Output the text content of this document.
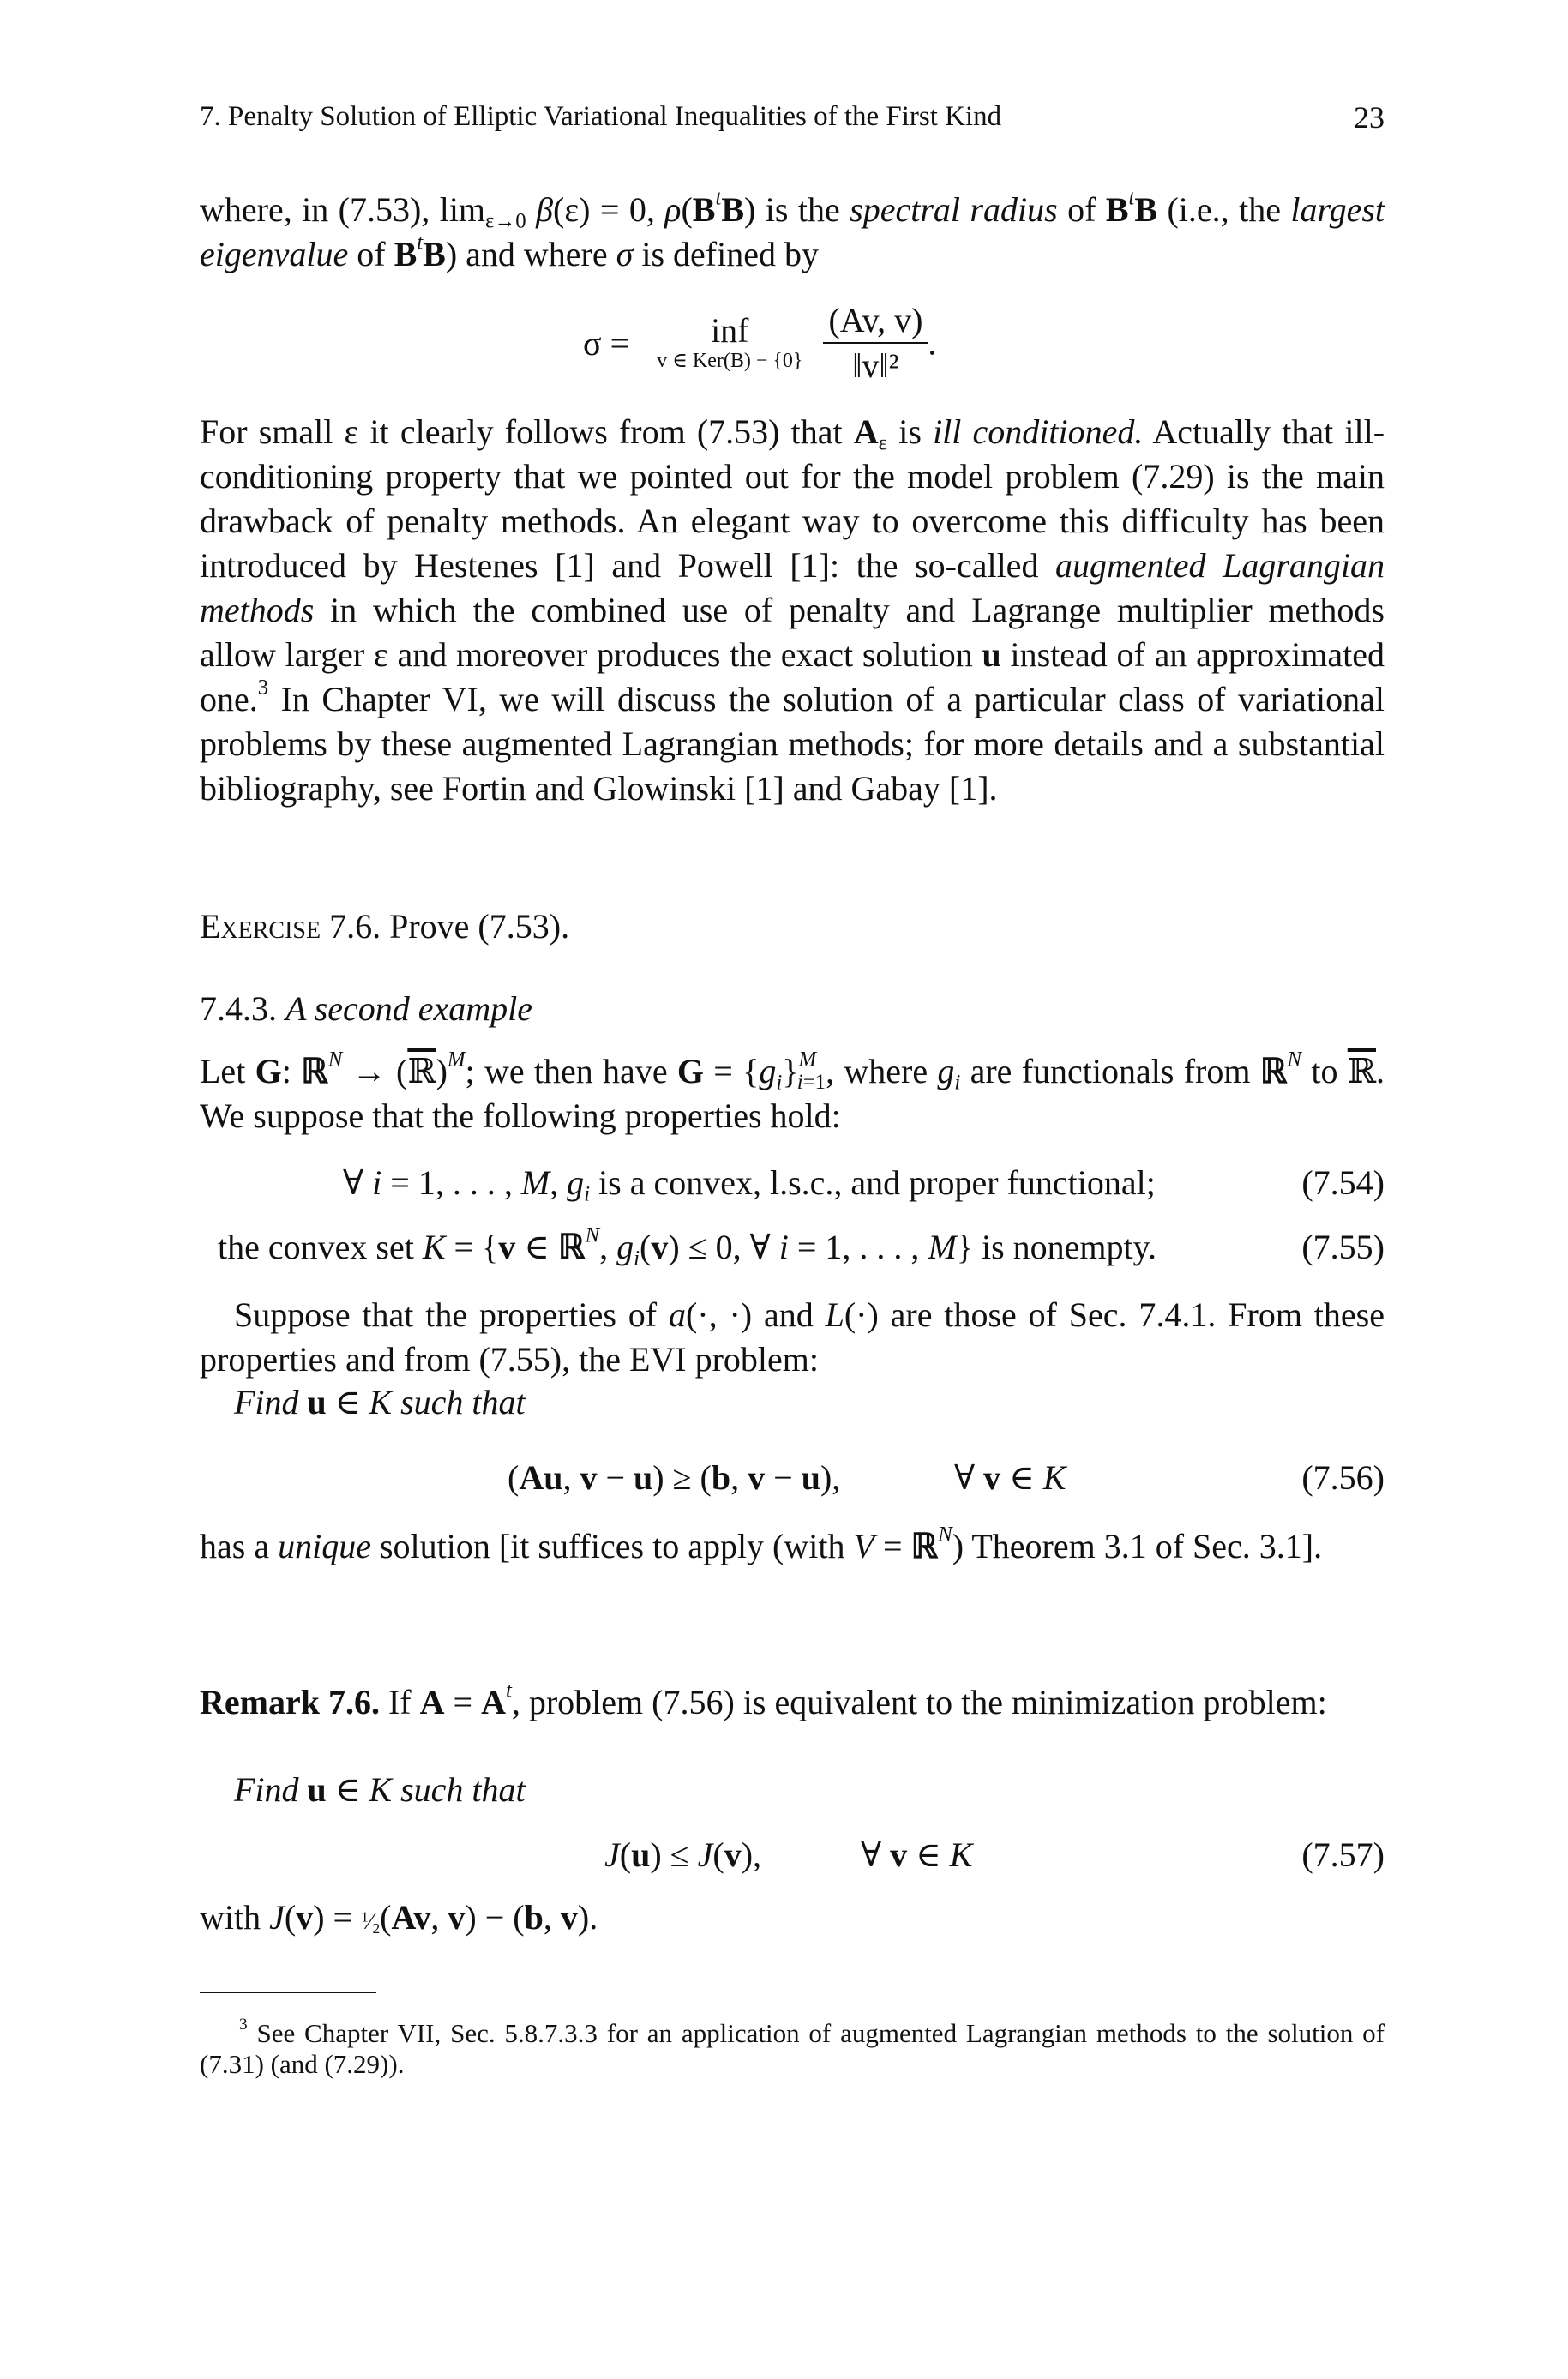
7. Penalty Solution of Elliptic Variational Inequalities of the First Kind	23
where, in (7.53), $\lim_{\varepsilon\to 0} \beta(\varepsilon) = 0$, $\rho(B^tB)$ is the spectral radius of $B^tB$ (i.e., the largest eigenvalue of $B^tB$) and where σ is defined by
σ =	inf
v ∈ Ker(B) − {0}
$\frac{(Av, v)}{\text{‖v‖²}}$ .
For small ε it clearly follows from (7.53) that $A_\varepsilon$ is ill conditioned. Actually that ill-conditioning property that we pointed out for the model problem (7.29) is the main drawback of penalty methods. An elegant way to overcome this difficulty has been introduced by Hestenes [1] and Powell [1]: the so-called augmented Lagrangian methods in which the combined use of penalty and Lagrange multiplier methods allow larger ε and moreover produces the exact solution u instead of an approximated one.$^3$ In Chapter VI, we will discuss the solution of a particular class of variational problems by these augmented Lagrangian methods; for more details and a substantial bibliography, see Fortin and Glowinski [1] and Gabay [1].
Exercise 7.6. Prove (7.53).
7.4.3. A second example
Let G: ℝ$^N$ → (ℝ)$^M$; we then have $G = \{g_i\}^M_{i=1}$, where $g_i$ are functionals from ℝ$^N$ to ℝ. We suppose that the following properties hold:
∀ i = 1, . . . , M, $g_i$ is a convex, l.s.c., and proper functional;	(7.54)
the convex set K = {v ∈ ℝ$^N$, $g_i(v) \le 0$, ∀ i = 1, . . . , M} is nonempty.	(7.55)
Suppose that the properties of a(·, ·) and L(·) are those of Sec. 7.4.1. From these properties and from (7.55), the EVI problem:
Find u ∈ K such that
(Au, v − u) ≥ (b, v − u),	∀ v ∈ K	(7.56)
has a unique solution [it suffices to apply (with V = ℝ$^N$) Theorem 3.1 of Sec. 3.1].
Remark 7.6. If $A = A^t$, problem (7.56) is equivalent to the minimization problem:
Find u ∈ K such that
J(u) ≤ J(v),	∀ v ∈ K	(7.57)
with $J(v) = ^1⁄_2(Av$, v) − (b, v).
$^3$ See Chapter VII, Sec. 5.8.7.3.3 for an application of augmented Lagrangian methods to the solution of (7.31) (and (7.29)).
